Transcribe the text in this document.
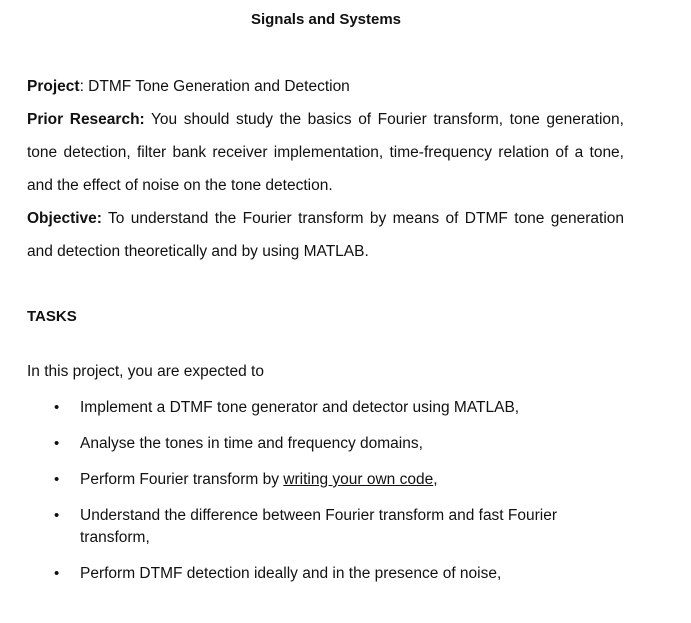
Signals and Systems
Project: DTMF Tone Generation and Detection
Prior Research: You should study the basics of Fourier transform, tone generation, tone detection, filter bank receiver implementation, time-frequency relation of a tone, and the effect of noise on the tone detection.
Objective: To understand the Fourier transform by means of DTMF tone generation and detection theoretically and by using MATLAB.
TASKS
In this project, you are expected to
•	Implement a DTMF tone generator and detector using MATLAB,
•	Analyse the tones in time and frequency domains,
•	Perform Fourier transform by writing your own code,
•	Understand the difference between Fourier transform and fast Fourier transform,
•	Perform DTMF detection ideally and in the presence of noise,
